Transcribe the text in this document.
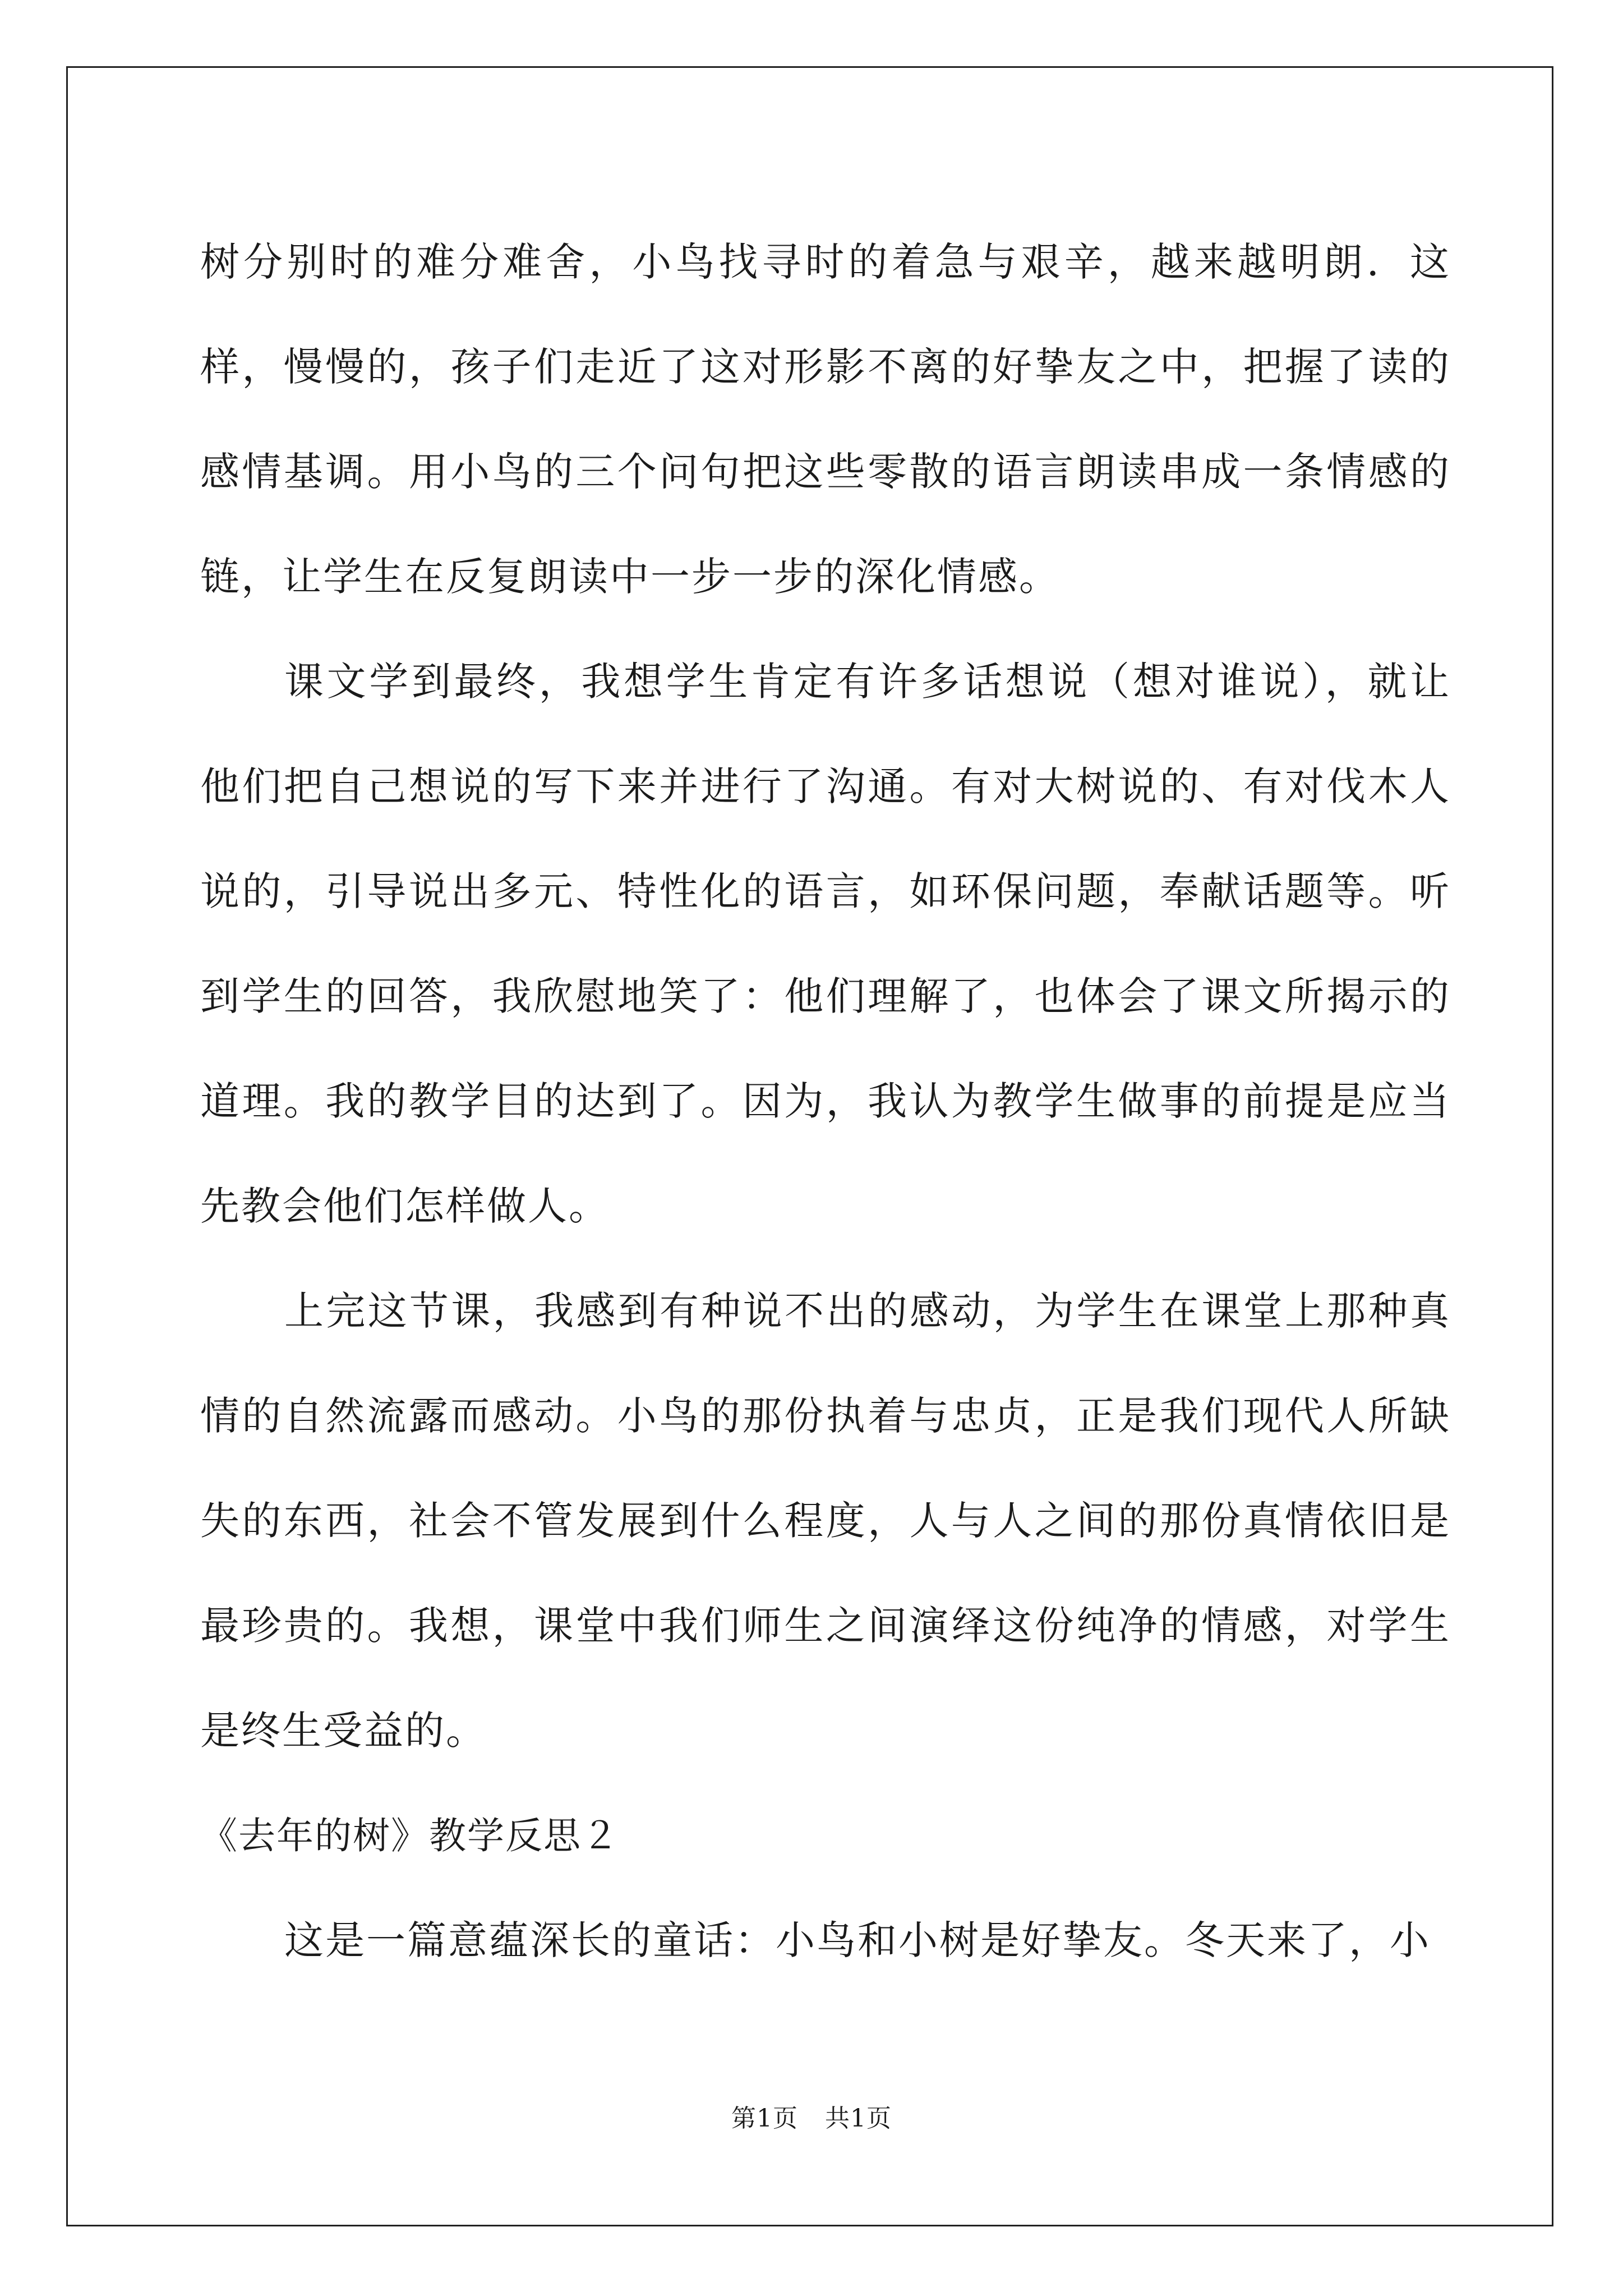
树分别时的难分难舍，小鸟找寻时的着急与艰辛，越来越明朗．这样，慢慢的，孩子们走近了这对形影不离的好挚友之中，把握了读的感情基调。用小鸟的三个问句把这些零散的语言朗读串成一条情感的链，让学生在反复朗读中一步一步的深化情感。

课文学到最终，我想学生肯定有许多话想说（想对谁说），就让他们把自己想说的写下来并进行了沟通。有对大树说的、有对伐木人说的，引导说出多元、特性化的语言，如环保问题，奉献话题等。听到学生的回答，我欣慰地笑了：他们理解了，也体会了课文所揭示的道理。我的教学目的达到了。因为，我认为教学生做事的前提是应当先教会他们怎样做人。

上完这节课，我感到有种说不出的感动，为学生在课堂上那种真情的自然流露而感动。小鸟的那份执着与忠贞，正是我们现代人所缺失的东西，社会不管发展到什么程度，人与人之间的那份真情依旧是最珍贵的。我想，课堂中我们师生之间演绎这份纯净的情感，对学生是终生受益的。

《去年的树》教学反思２

这是一篇意蕴深长的童话：小鸟和小树是好挚友。冬天来了，小

第1页 共1页
